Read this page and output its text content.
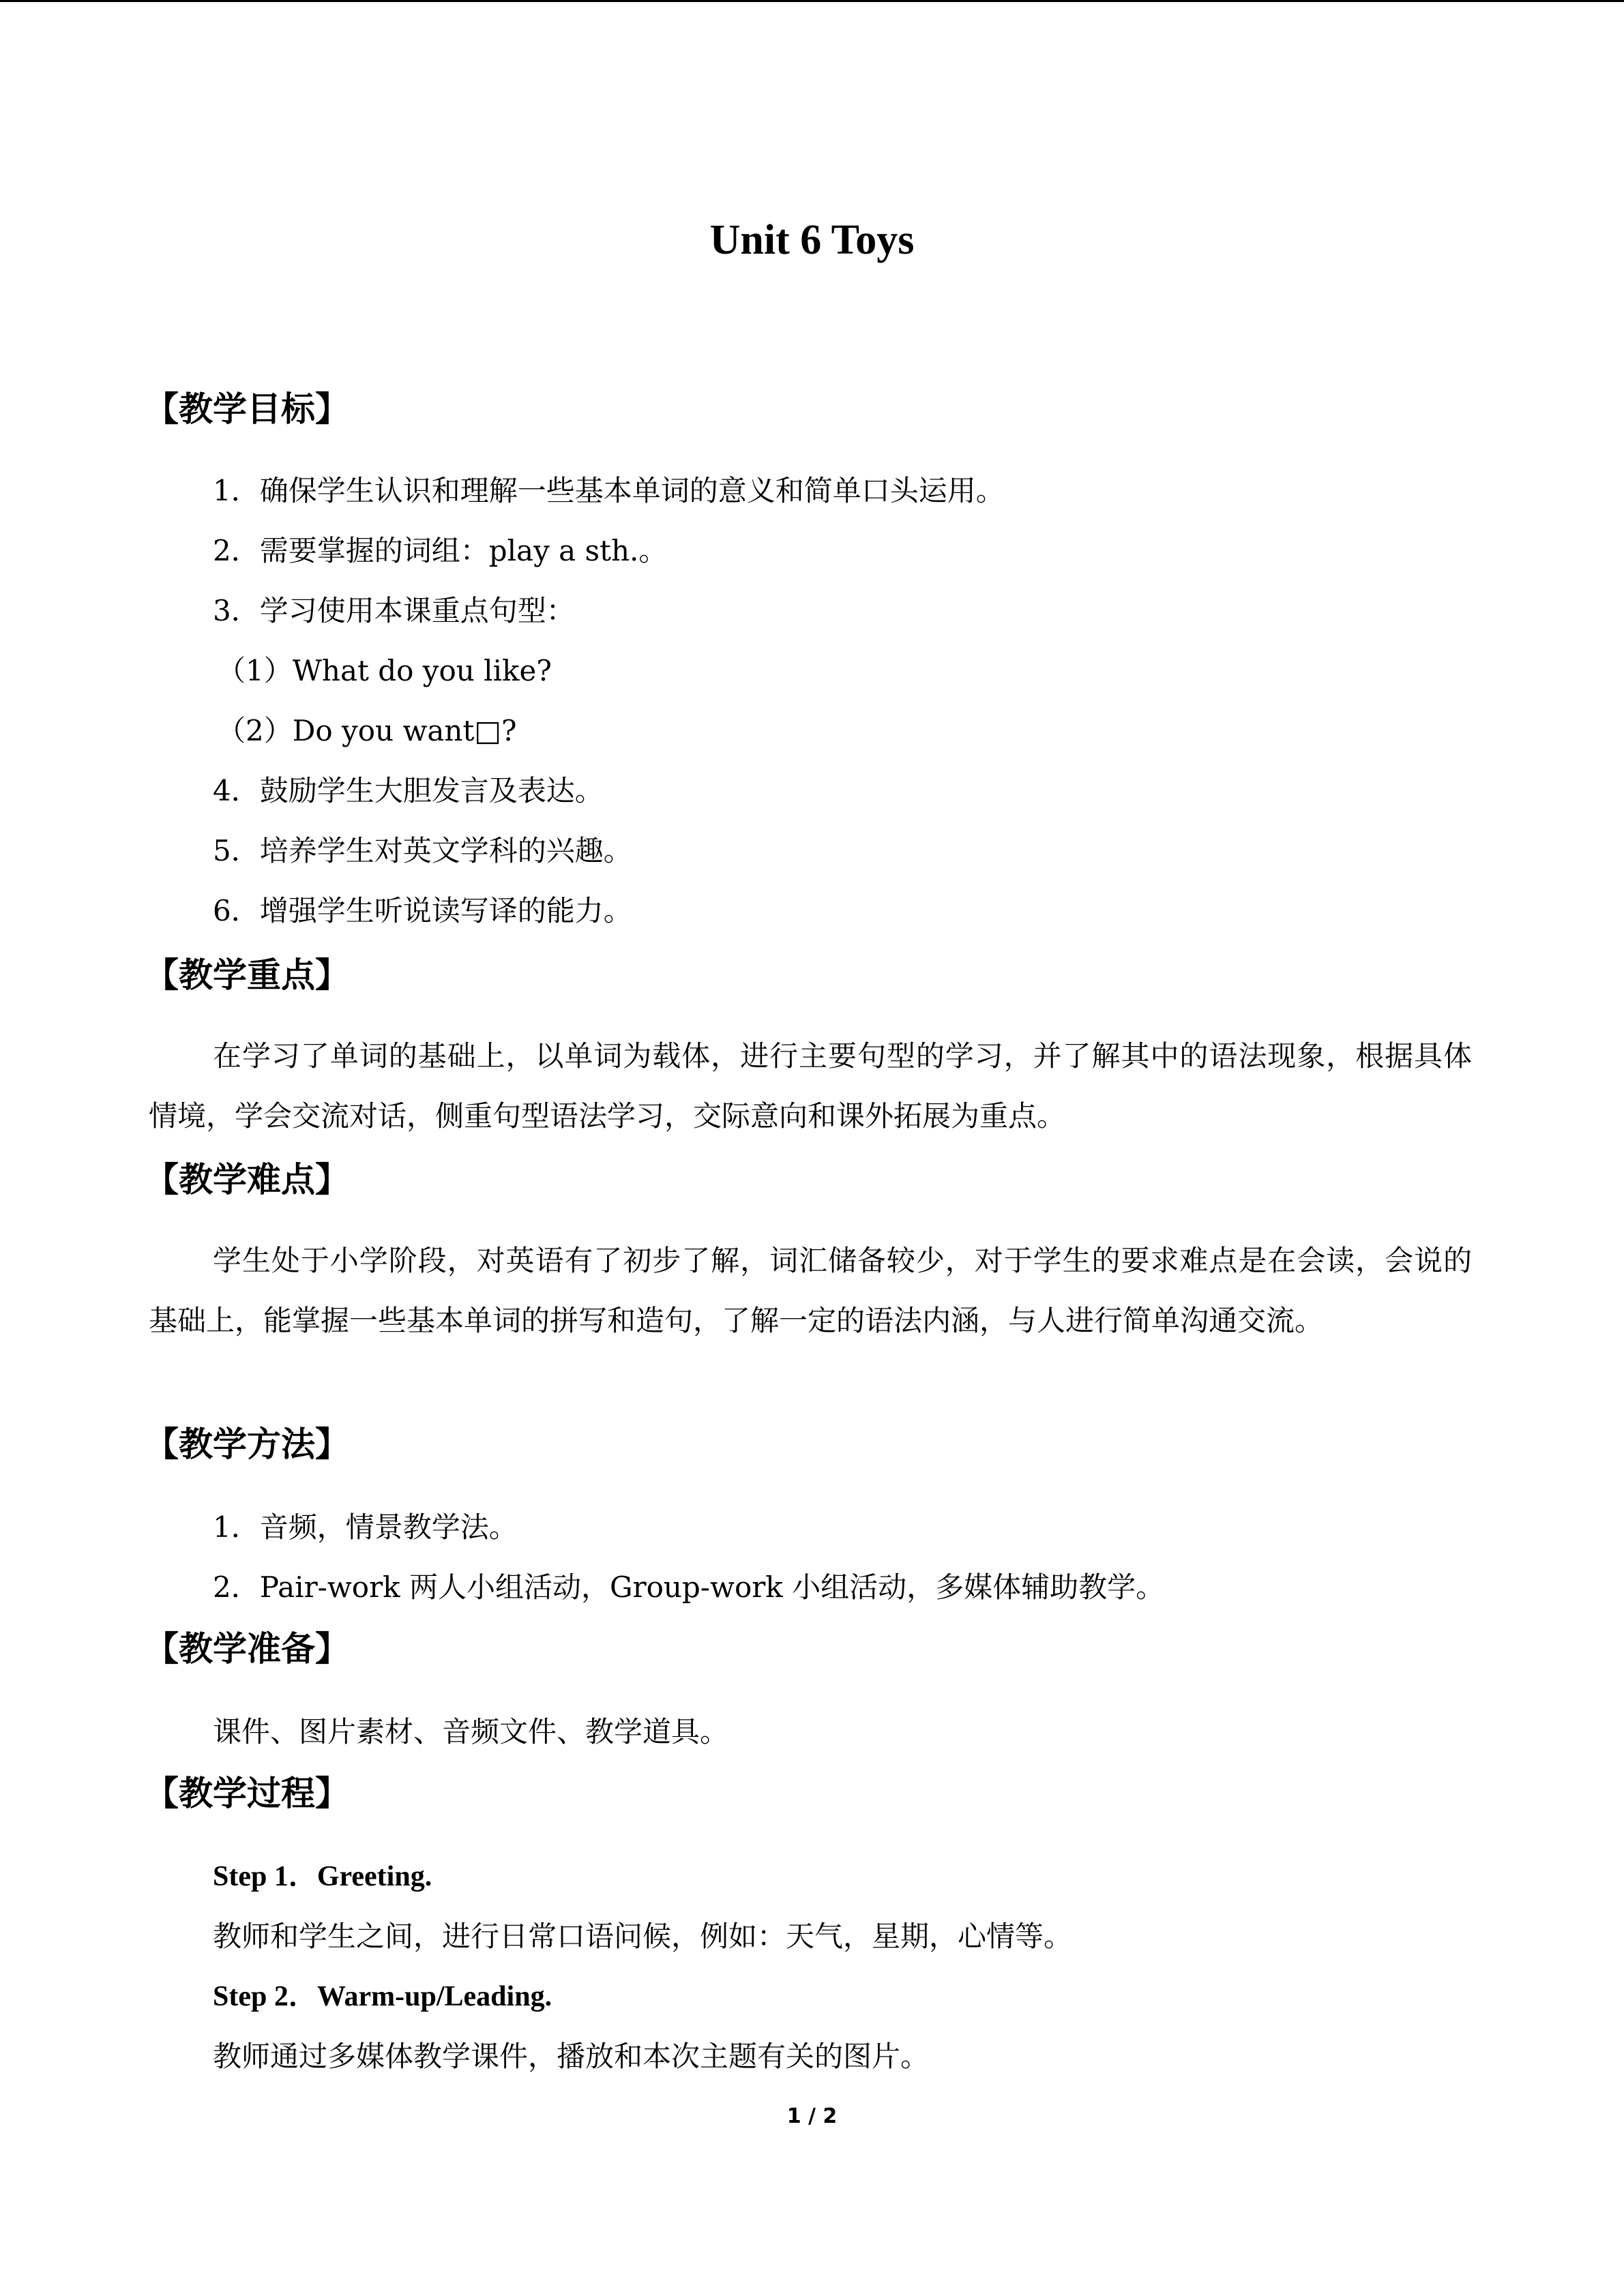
Unit 6 Toys
【教学目标】
1．确保学生认识和理解一些基本单词的意义和简单口头运用。
2．需要掌握的词组：play a sth.。
3．学习使用本课重点句型：
（1）What do you like?
（2）Do you want□?
4．鼓励学生大胆发言及表达。
5．培养学生对英文学科的兴趣。
6．增强学生听说读写译的能力。
【教学重点】
在学习了单词的基础上，以单词为载体，进行主要句型的学习，并了解其中的语法现象，根据具体情境，学会交流对话，侧重句型语法学习，交际意向和课外拓展为重点。
【教学难点】
学生处于小学阶段，对英语有了初步了解，词汇储备较少，对于学生的要求难点是在会读，会说的基础上，能掌握一些基本单词的拼写和造句，了解一定的语法内涵，与人进行简单沟通交流。
【教学方法】
1．音频，情景教学法。
2．Pair-work 两人小组活动，Group-work 小组活动，多媒体辅助教学。
【教学准备】
课件、图片素材、音频文件、教学道具。
【教学过程】
Step 1．Greeting.
教师和学生之间，进行日常口语问候，例如：天气，星期，心情等。
Step 2．Warm-up/Leading.
教师通过多媒体教学课件，播放和本次主题有关的图片。
1 / 2
